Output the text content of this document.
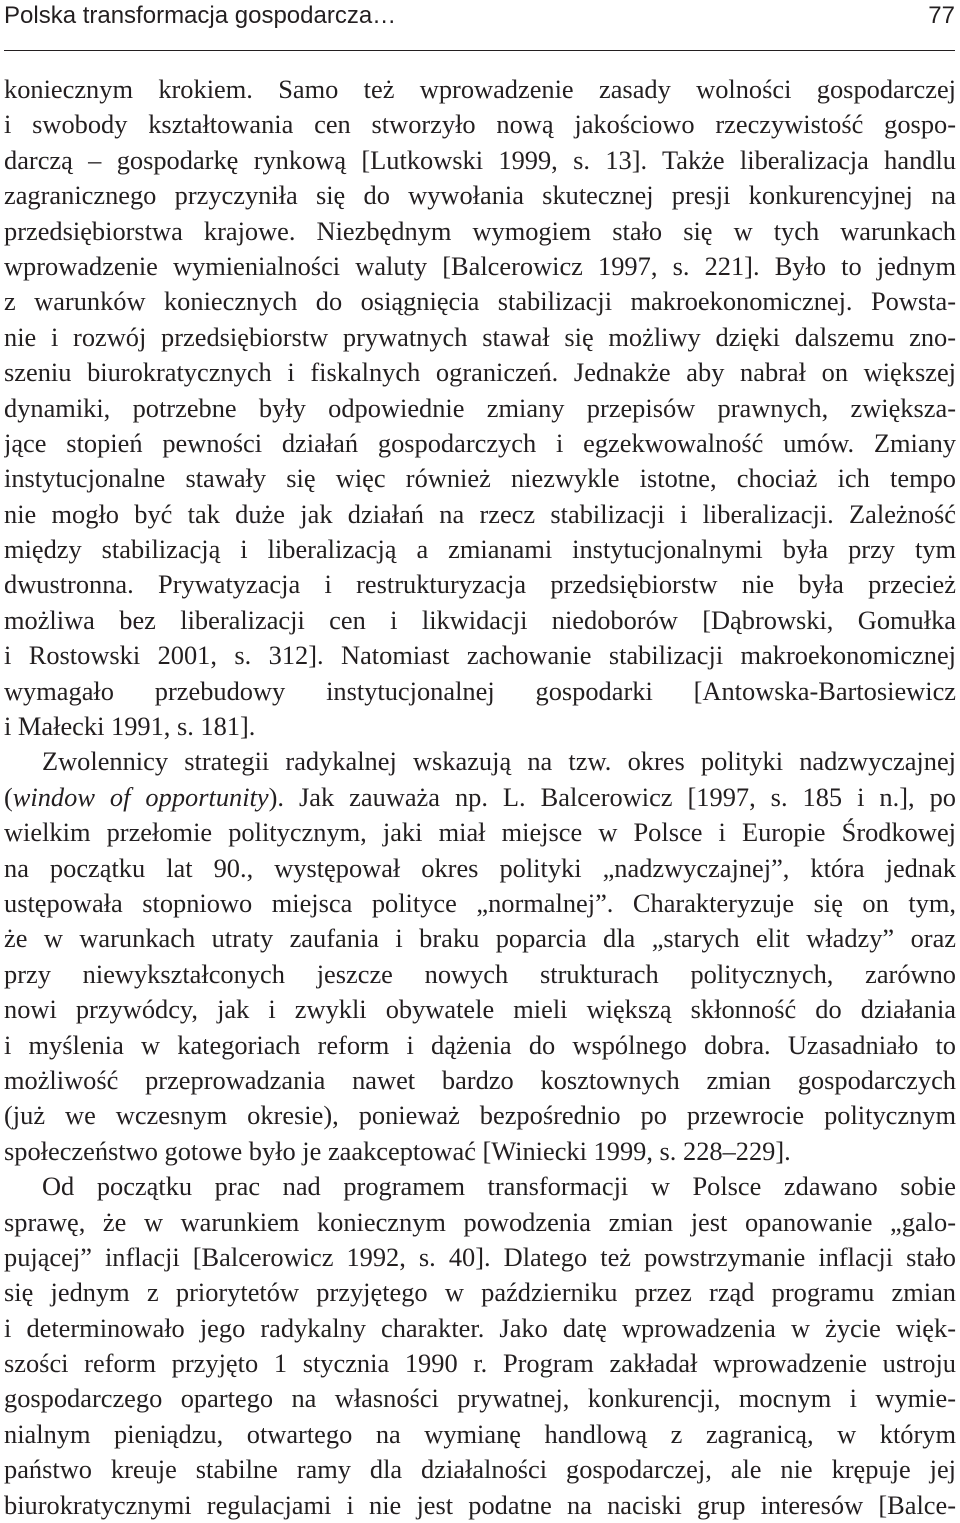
Polska transformacja gospodarcza…	77
koniecznym krokiem. Samo też wprowadzenie zasady wolności gospodarczej
i swobody kształtowania cen stworzyło nową jakościowo rzeczywistość gospo-
darczą – gospodarkę rynkową [Lutkowski 1999, s. 13]. Także liberalizacja handlu
zagranicznego przyczyniła się do wywołania skutecznej presji konkurencyjnej na
przedsiębiorstwa krajowe. Niezbędnym wymogiem stało się w tych warunkach
wprowadzenie wymienialności waluty [Balcerowicz 1997, s. 221]. Było to jednym
z warunków koniecznych do osiągnięcia stabilizacji makroekonomicznej. Powsta-
nie i rozwój przedsiębiorstw prywatnych stawał się możliwy dzięki dalszemu zno-
szeniu biurokratycznych i fiskalnych ograniczeń. Jednakże aby nabrał on większej
dynamiki, potrzebne były odpowiednie zmiany przepisów prawnych, zwiększa-
jące stopień pewności działań gospodarczych i egzekwowalność umów. Zmiany
instytucjonalne stawały się więc również niezwykle istotne, chociaż ich tempo
nie mogło być tak duże jak działań na rzecz stabilizacji i liberalizacji. Zależność
między stabilizacją i liberalizacją a zmianami instytucjonalnymi była przy tym
dwustronna. Prywatyzacja i restrukturyzacja przedsiębiorstw nie była przecież
możliwa bez liberalizacji cen i likwidacji niedoborów [Dąbrowski, Gomułka
i Rostowski 2001, s. 312]. Natomiast zachowanie stabilizacji makroekonomicznej
wymagało przebudowy instytucjonalnej gospodarki [Antowska-Bartosiewicz
i Małecki 1991, s. 181].
Zwolennicy strategii radykalnej wskazują na tzw. okres polityki nadzwyczajnej
(window of opportunity). Jak zauważa np. L. Balcerowicz [1997, s. 185 i n.], po
wielkim przełomie politycznym, jaki miał miejsce w Polsce i Europie Środkowej
na początku lat 90., występował okres polityki „nadzwyczajnej”, która jednak
ustępowała stopniowo miejsca polityce „normalnej”. Charakteryzuje się on tym,
że w warunkach utraty zaufania i braku poparcia dla „starych elit władzy” oraz
przy niewykształconych jeszcze nowych strukturach politycznych, zarówno
nowi przywódcy, jak i zwykli obywatele mieli większą skłonność do działania
i myślenia w kategoriach reform i dążenia do wspólnego dobra. Uzasadniało to
możliwość przeprowadzania nawet bardzo kosztownych zmian gospodarczych
(już we wczesnym okresie), ponieważ bezpośrednio po przewrocie politycznym
społeczeństwo gotowe było je zaakceptować [Winiecki 1999, s. 228–229].
Od początku prac nad programem transformacji w Polsce zdawano sobie
sprawę, że w warunkiem koniecznym powodzenia zmian jest opanowanie „galo-
pującej” inflacji [Balcerowicz 1992, s. 40]. Dlatego też powstrzymanie inflacji stało
się jednym z priorytetów przyjętego w październiku przez rząd programu zmian
i determinowało jego radykalny charakter. Jako datę wprowadzenia w życie więk-
szości reform przyjęto 1 stycznia 1990 r. Program zakładał wprowadzenie ustroju
gospodarczego opartego na własności prywatnej, konkurencji, mocnym i wymie-
nialnym pieniądzu, otwartego na wymianę handlową z zagranicą, w którym
państwo kreuje stabilne ramy dla działalności gospodarczej, ale nie krępuje jej
biurokratycznymi regulacjami i nie jest podatne na naciski grup interesów [Balce-
